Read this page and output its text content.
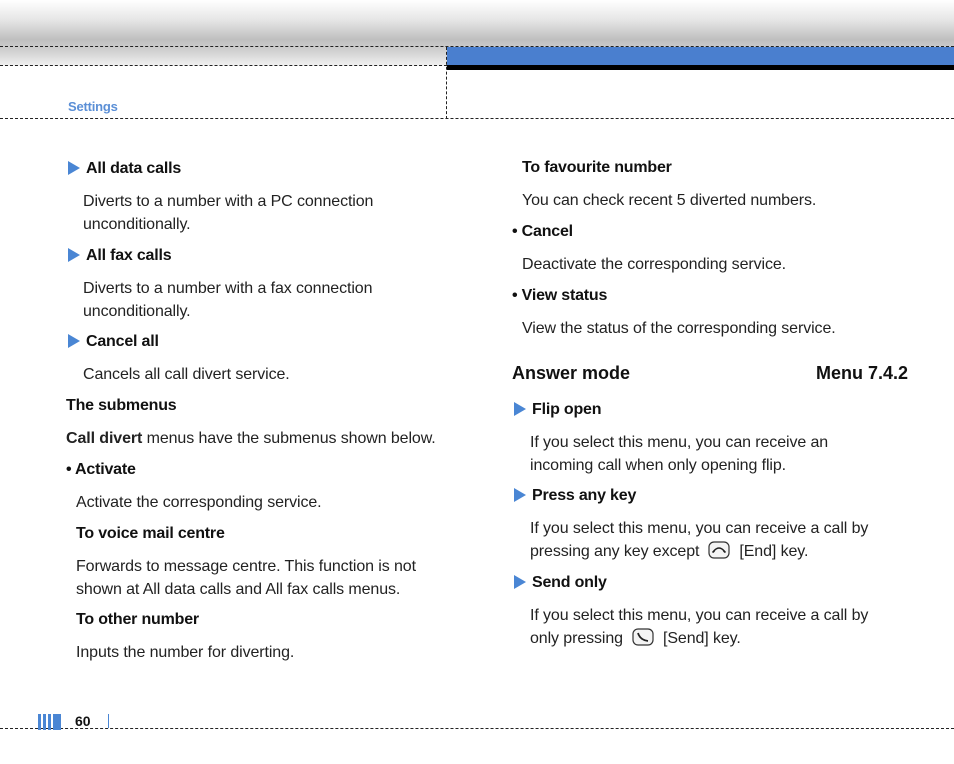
Settings
All data calls
Diverts to a number with a PC connection unconditionally.
All fax calls
Diverts to a number with a fax connection unconditionally.
Cancel all
Cancels all call divert service.
The submenus
Call divert menus have the submenus shown below.
• Activate
Activate the corresponding service.
To voice mail centre
Forwards to message centre. This function is not shown at All data calls and All fax calls menus.
To other number
Inputs the number for diverting.
To favourite number
You can check recent 5 diverted numbers.
• Cancel
Deactivate the corresponding service.
• View status
View the status of the corresponding service.
Answer mode	Menu 7.4.2
Flip open
If you select this menu, you can receive an incoming call when only opening flip.
Press any key
If you select this menu, you can receive a call by pressing any key except	[End] key.
Send only
If you select this menu, you can receive a call by only pressing	[Send] key.
60
